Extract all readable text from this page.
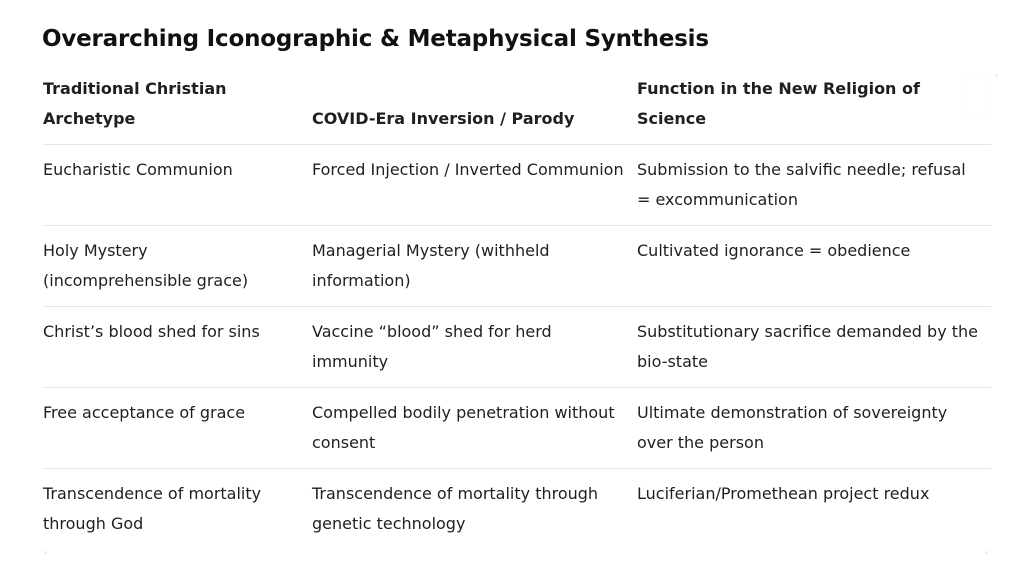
Overarching Iconographic & Metaphysical Synthesis
Traditional Christian Archetype	COVID-Era Inversion / Parody	Function in the New Religion of Science
Eucharistic Communion	Forced Injection / Inverted Communion	Submission to the salvific needle; refusal = excommunication
Holy Mystery (incomprehensible grace)	Managerial Mystery (withheld information)	Cultivated ignorance = obedience
Christ’s blood shed for sins	Vaccine “blood” shed for herd immunity	Substitutionary sacrifice demanded by the bio-state
Free acceptance of grace	Compelled bodily penetration without consent	Ultimate demonstration of sovereignty over the person
Transcendence of mortality through God	Transcendence of mortality through genetic technology	Luciferian/Promethean project redux
